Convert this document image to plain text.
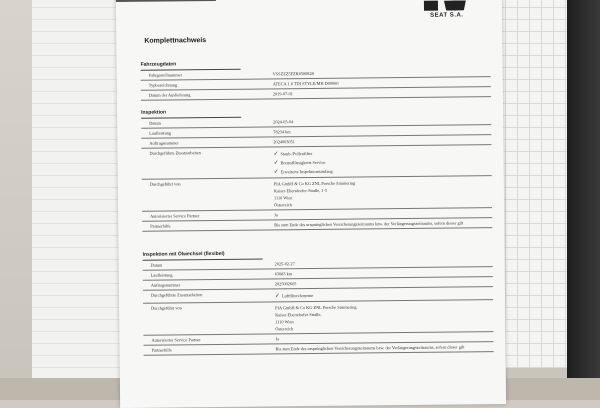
SEAT S.A.
Komplettnachweis
Fahrzeugdaten
Fahrgestellnummer	VSSZZZ5FZK6500828
Typbezeichnung	ATECA 1.6 TDI STYLE/MH D00060
Datum der Auslieferung	2019-07-01
Inspektion
Datum	2024-03-04
Laufleistung	78234 km
Auftragsnummer	2024003051
Durchgeführte Zusatzarbeiten	✓ Staub-/Pollenfilter
✓ Bremsflüssigkeits Service
✓ Erweiterte Inspektionsumfang
Durchgeführt von	PIA GmbH & Co KG ZNL Porsche Simmering
Kaiser-Ebersdorfer-Straße, 1-3
1110 Wien
Österreich
Autorisierter Service Partner	Ja
Partnerhilfe	Bis zum Ende des ursprünglichen Versicherungszeitraums bzw. der Verlängerungszeitraums, sofern dieser gilt
Inspektion mit Ölwechsel (flexibel)
Datum	2025-02-27
Laufleistung	63083 km
Auftragsnummer	2025002665
Durchgeführte Zusatzarbeiten	✓ Luftfilterelemente
Durchgeführt von	PIA GmbH & Co KG ZNL Porsche Simmering
Kaiser-Ebersdorfer-Straße,
1110 Wien
Österreich
Autorisierter Service Partner	Ja
Partnerhilfe	Bis zum Ende des ursprünglichen Versicherungszeitraums bzw. der Verlängerungszeitraums, sofern dieser gilt
